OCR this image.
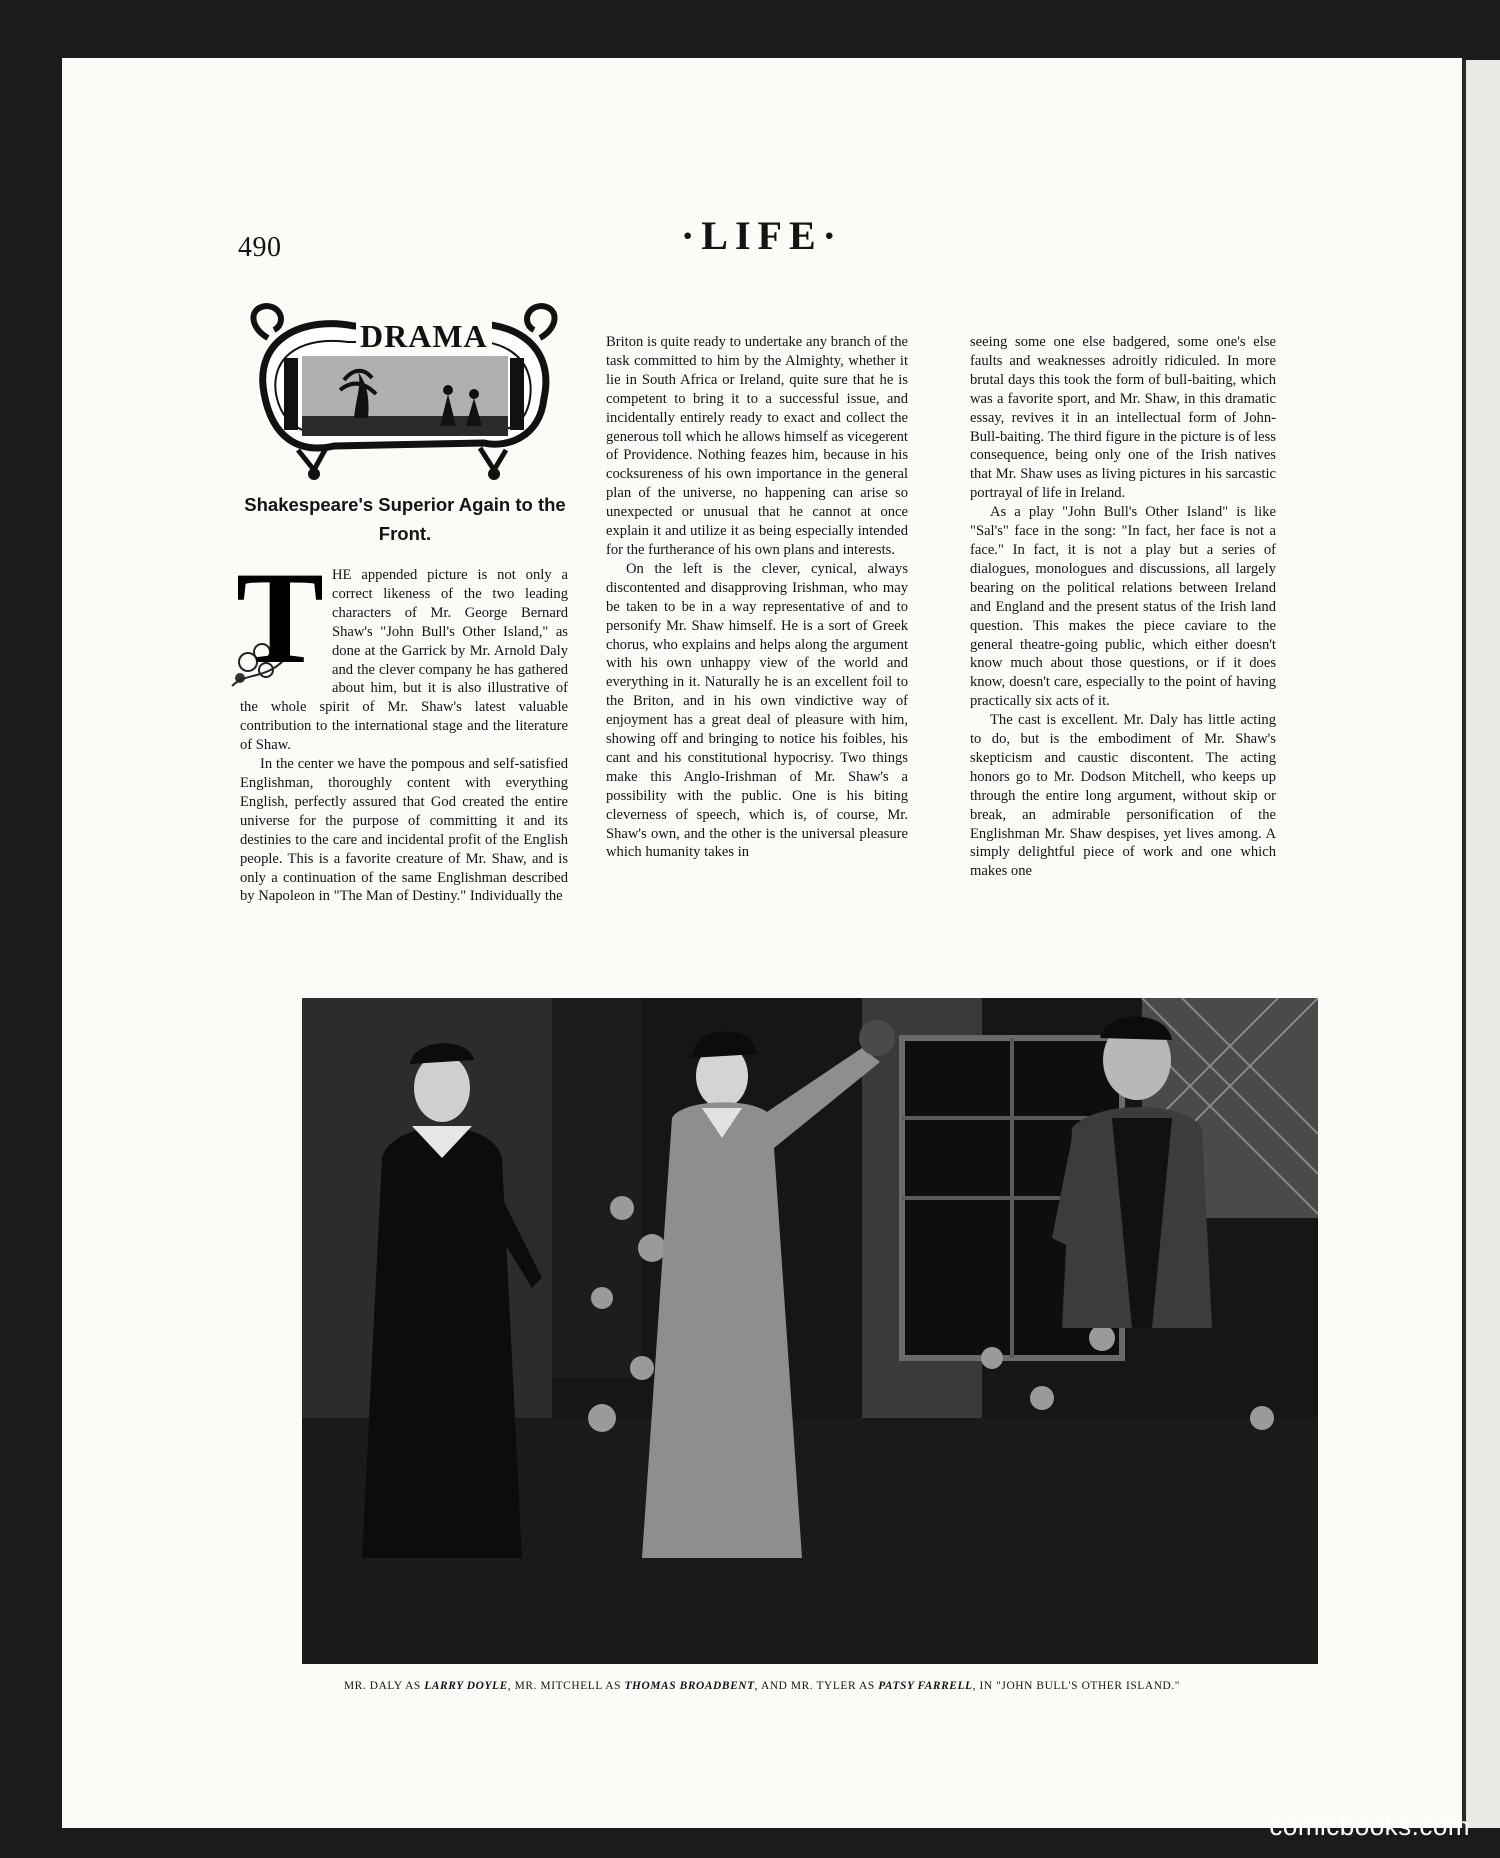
490	·LIFE·
DRAMA
Shakespeare's Superior Again to the Front.
T HE appended picture is not only a correct likeness of the two leading characters of Mr. George Bernard Shaw's "John Bull's Other Island," as done at the Garrick by Mr. Arnold Daly and the clever company he has gathered about him, but it is also illustrative of the whole spirit of Mr. Shaw's latest valuable contribution to the international stage and the literature of Shaw.

In the center we have the pompous and self-satisfied Englishman, thoroughly content with everything English, perfectly assured that God created the entire universe for the purpose of committing it and its destinies to the care and incidental profit of the English people. This is a favorite creature of Mr. Shaw, and is only a continuation of the same Englishman described by Napoleon in "The Man of Destiny." Individually the

Briton is quite ready to undertake any branch of the task committed to him by the Almighty, whether it lie in South Africa or Ireland, quite sure that he is competent to bring it to a successful issue, and incidentally entirely ready to exact and collect the generous toll which he allows himself as vicegerent of Providence. Nothing feazes him, because in his cocksureness of his own importance in the general plan of the universe, no happening can arise so unexpected or unusual that he cannot at once explain it and utilize it as being especially intended for the furtherance of his own plans and interests.

On the left is the clever, cynical, always discontented and disapproving Irishman, who may be taken to be in a way representative of and to personify Mr. Shaw himself. He is a sort of Greek chorus, who explains and helps along the argument with his own unhappy view of the world and everything in it. Naturally he is an excellent foil to the Briton, and in his own vindictive way of enjoyment has a great deal of pleasure with him, showing off and bringing to notice his foibles, his cant and his constitutional hypocrisy. Two things make this Anglo-Irishman of Mr. Shaw's a possibility with the public. One is his biting cleverness of speech, which is, of course, Mr. Shaw's own, and the other is the universal pleasure which humanity takes in

seeing some one else badgered, some one's else faults and weaknesses adroitly ridiculed. In more brutal days this took the form of bull-baiting, which was a favorite sport, and Mr. Shaw, in this dramatic essay, revives it in an intellectual form of John-Bull-baiting. The third figure in the picture is of less consequence, being only one of the Irish natives that Mr. Shaw uses as living pictures in his sarcastic portrayal of life in Ireland.

As a play "John Bull's Other Island" is like "Sal's" face in the song: "In fact, her face is not a face." In fact, it is not a play but a series of dialogues, monologues and discussions, all largely bearing on the political relations between Ireland and England and the present status of the Irish land question. This makes the piece caviare to the general theatre-going public, which either doesn't know much about those questions, or if it does know, doesn't care, especially to the point of having practically six acts of it.

The cast is excellent. Mr. Daly has little acting to do, but is the embodiment of Mr. Shaw's skepticism and caustic discontent. The acting honors go to Mr. Dodson Mitchell, who keeps up through the entire long argument, without skip or break, an admirable personification of the Englishman Mr. Shaw despises, yet lives among. A simply delightful piece of work and one which makes one

MR. DALY AS LARRY DOYLE, MR. MITCHELL AS THOMAS BROADBENT, AND MR. TYLER AS PATSY FARRELL, IN "JOHN BULL'S OTHER ISLAND."
comicbooks.com
